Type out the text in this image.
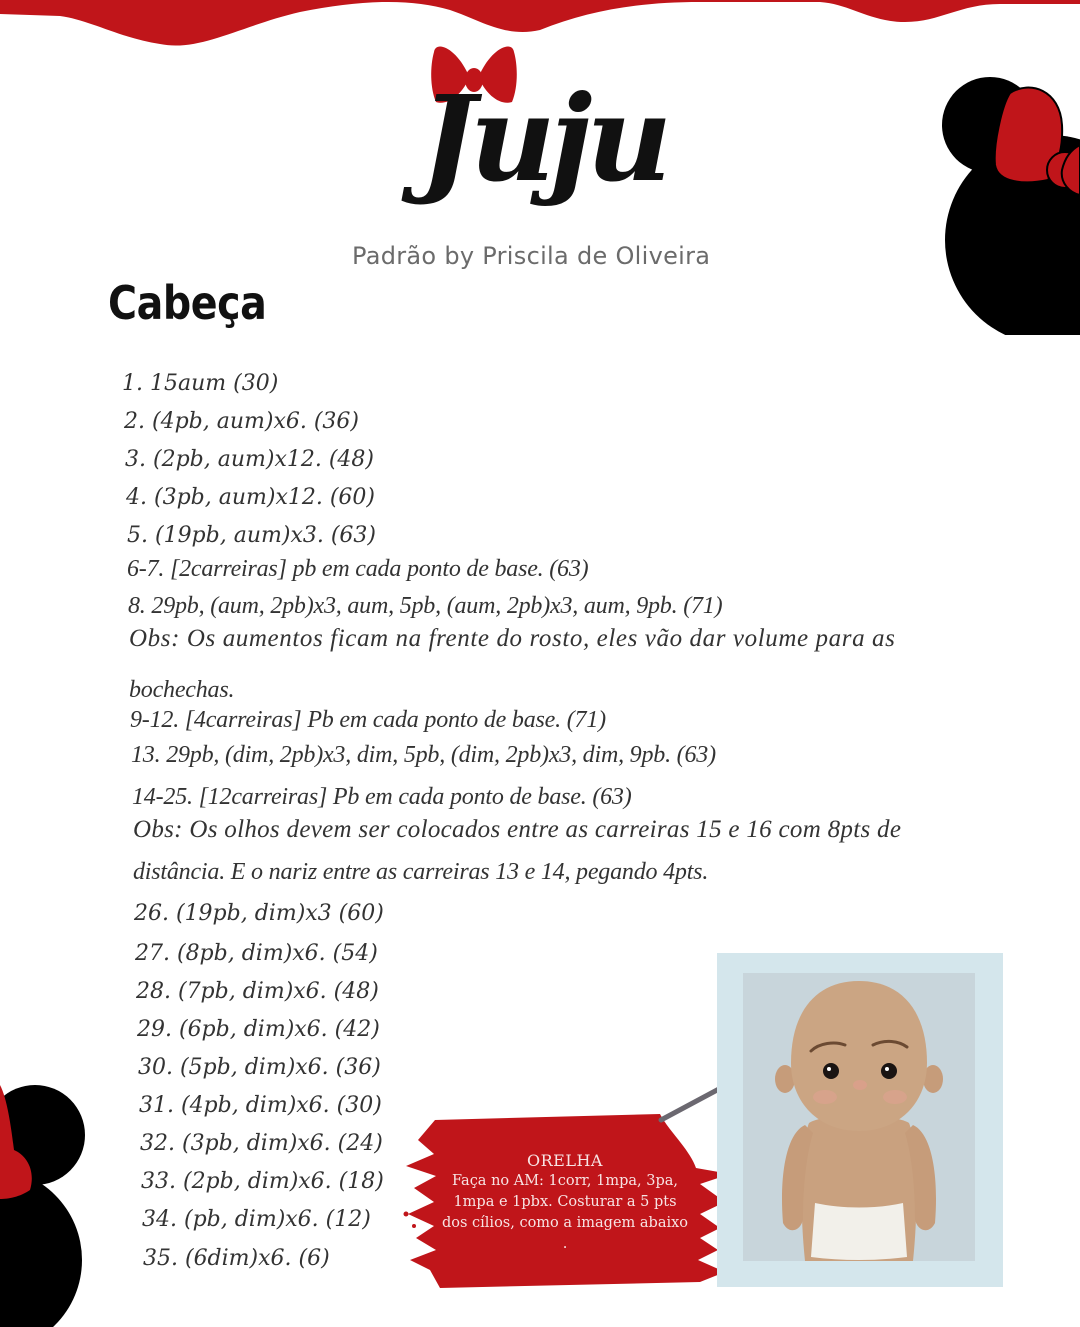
Juju
Padrão by Priscila de Oliveira
Cabeça
1. 15aum (30)
2. (4pb, aum)x6. (36)
3. (2pb, aum)x12. (48)
4. (3pb, aum)x12. (60)
5. (19pb, aum)x3. (63)
6-7. [2carreiras] pb em cada ponto de base. (63)
8. 29pb, (aum, 2pb)x3, aum, 5pb, (aum, 2pb)x3, aum, 9pb. (71)
Obs: Os aumentos ficam na frente do rosto, eles vão dar volume para as
bochechas.
9-12. [4carreiras] Pb em cada ponto de base. (71)
13. 29pb, (dim, 2pb)x3, dim, 5pb, (dim, 2pb)x3, dim, 9pb. (63)
14-25. [12carreiras] Pb em cada ponto de base. (63)
Obs: Os olhos devem ser colocados entre as carreiras 15 e 16 com 8pts de
distância. E o nariz entre as carreiras 13 e 14, pegando 4pts.
26. (19pb, dim)x3 (60)
27. (8pb, dim)x6. (54)
28. (7pb, dim)x6. (48)
29. (6pb, dim)x6. (42)
30. (5pb, dim)x6. (36)
31. (4pb, dim)x6. (30)
32. (3pb, dim)x6. (24)
33. (2pb, dim)x6. (18)
34. (pb, dim)x6. (12)
35. (6dim)x6. (6)
ORELHA
Faça no AM: 1corr, 1mpa, 3pa, 1mpa e 1pbx. Costurar a 5 pts dos cílios, como a imagem abaixo
.
